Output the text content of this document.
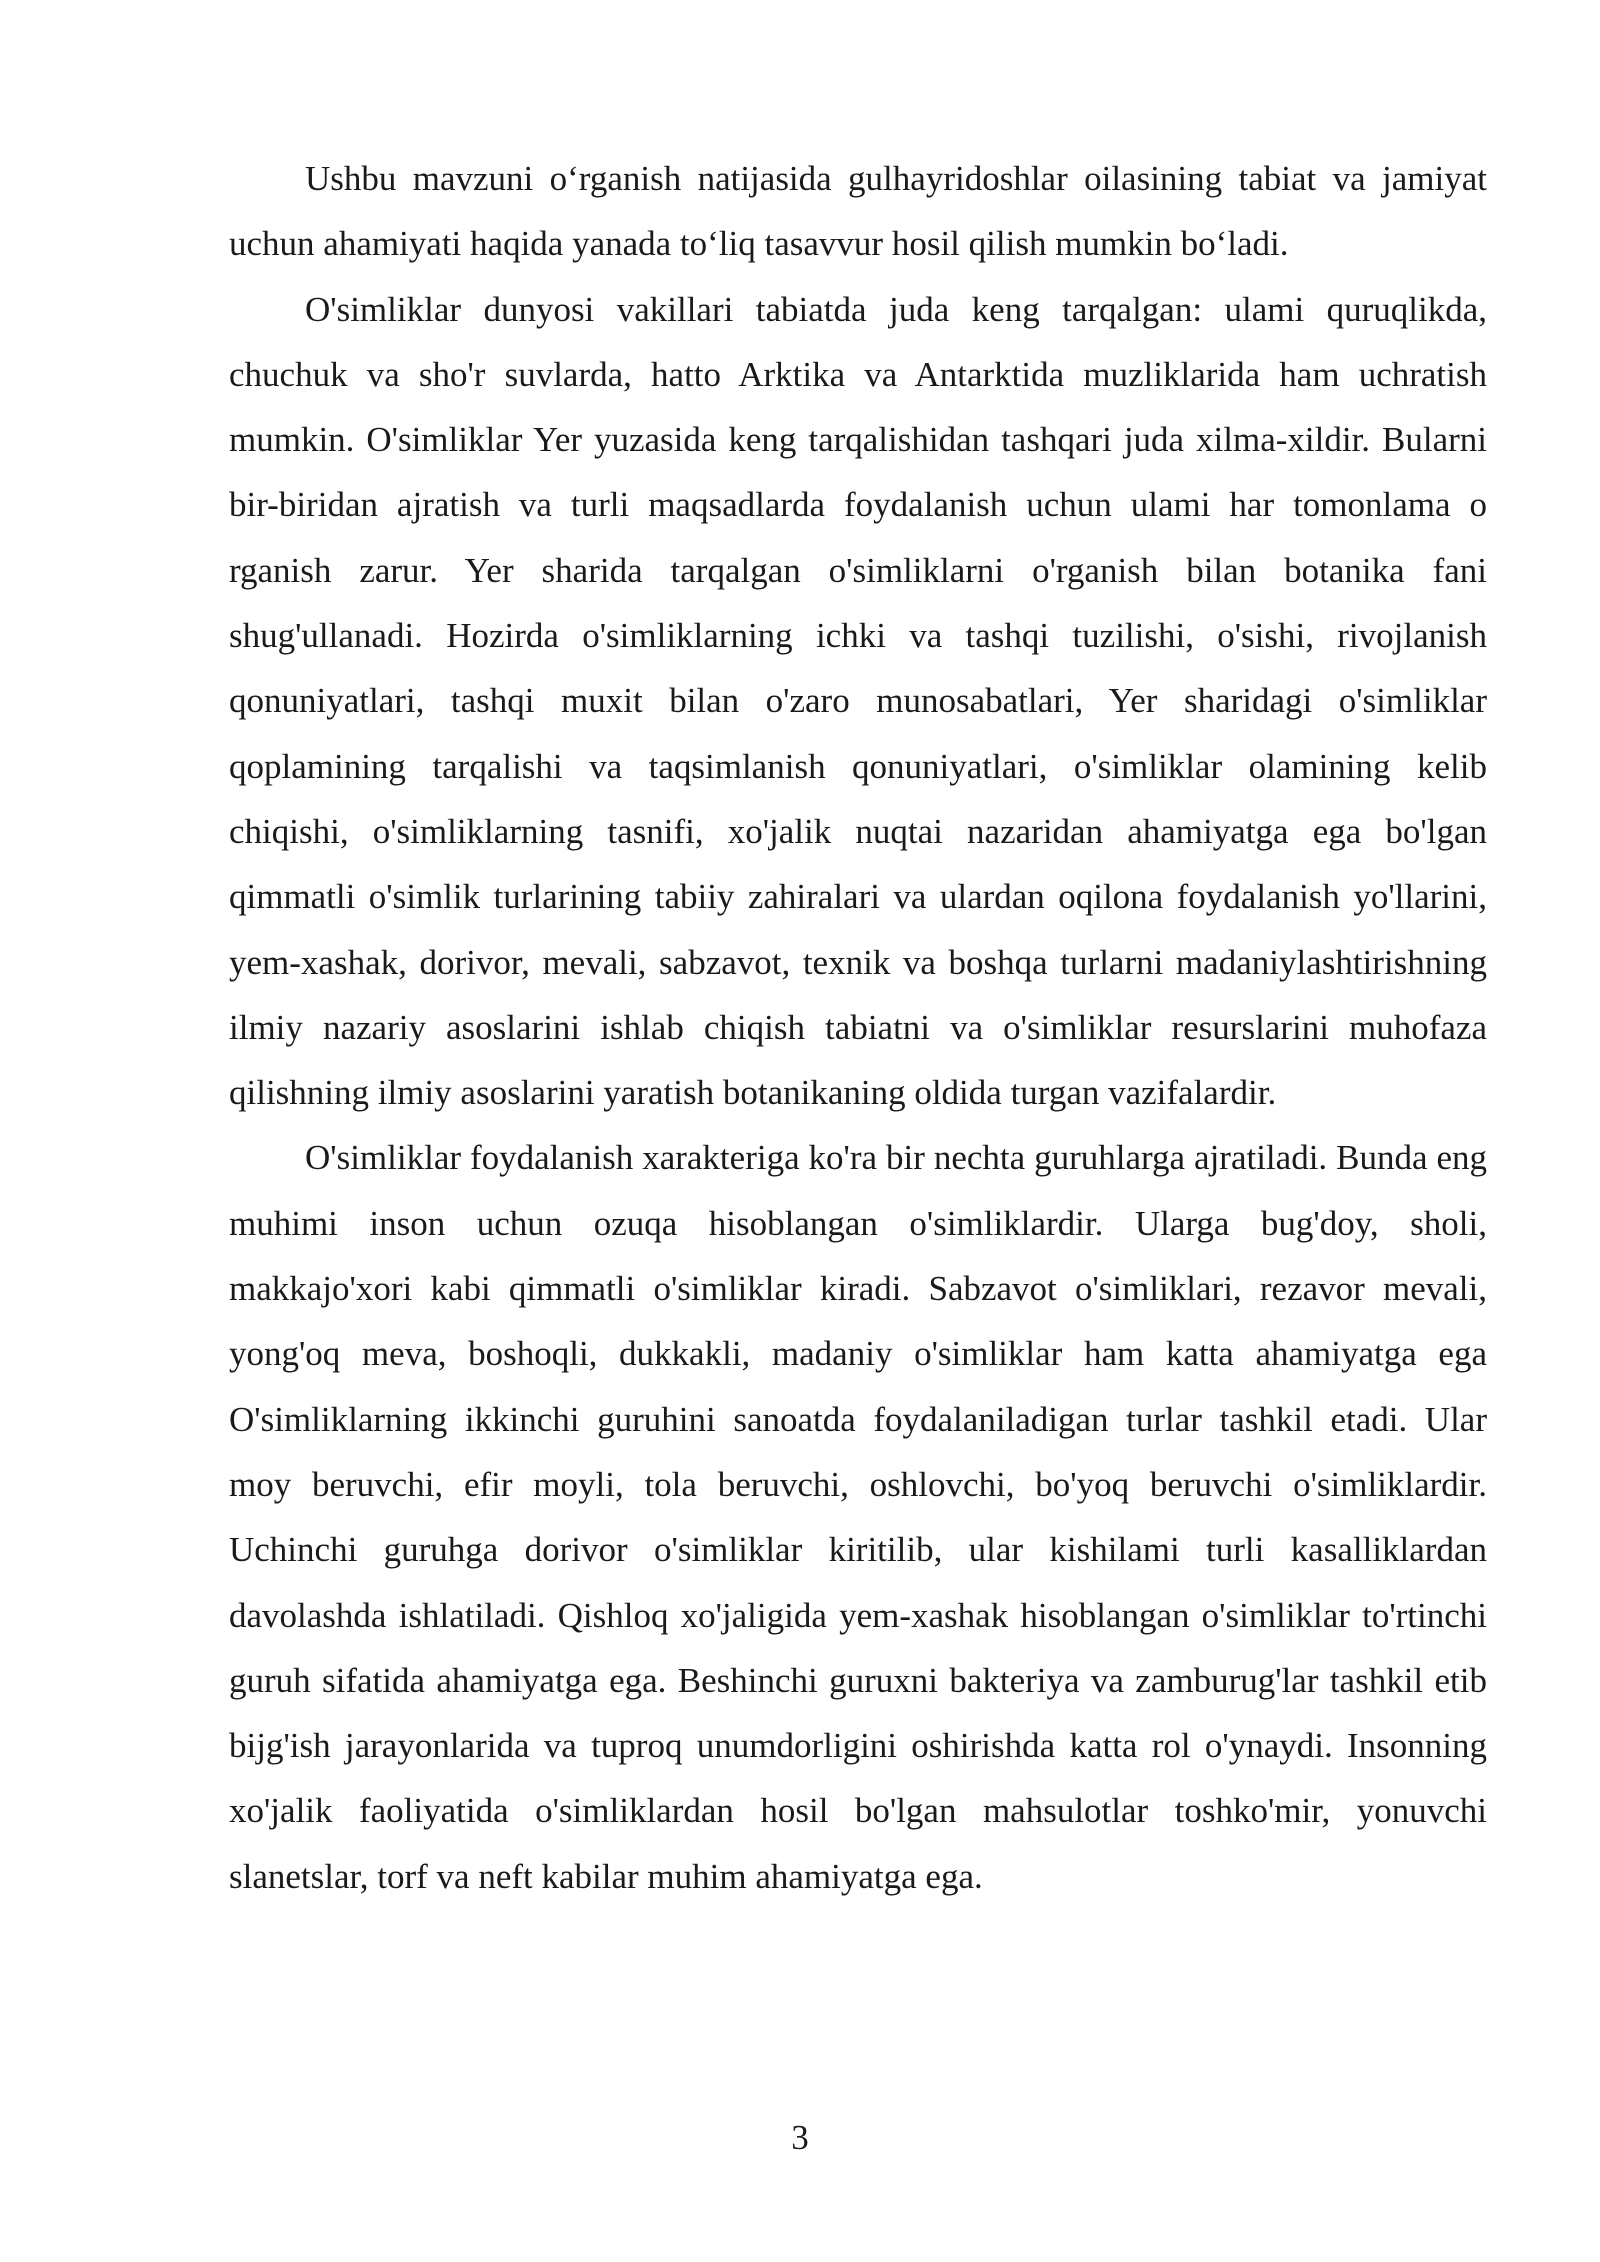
Ushbu mavzuni o‘rganish natijasida gulhayridoshlar oilasining tabiat va jamiyat uchun ahamiyati haqida yanada to‘liq tasavvur hosil qilish mumkin bo‘ladi.

O'simliklar dunyosi vakillari tabiatda juda keng tarqalgan: ulami quruqlikda, chuchuk va sho'r suvlarda, hatto Arktika va Antarktida muzliklarida ham uchratish mumkin. O'simliklar Yer yuzasida keng tarqalishidan tashqari juda xilma-xildir. Bularni bir-biridan ajratish va turli maqsadlarda foydalanish uchun ulami har tomonlama o rganish zarur. Yer sharida tarqalgan o'simliklarni o'rganish bilan botanika fani shug'ullanadi. Hozirda o'simliklarning ichki va tashqi tuzilishi, o'sishi, rivojlanish qonuniyatlari, tashqi muxit bilan o'zaro munosabatlari, Yer sharidagi o'simliklar qoplamining tarqalishi va taqsimlanish qonuniyatlari, o'simliklar olamining kelib chiqishi, o'simliklarning tasnifi, xo'jalik nuqtai nazaridan ahamiyatga ega bo'lgan qimmatli o'simlik turlarining tabiiy zahiralari va ulardan oqilona foydalanish yo'llarini, yem-xashak, dorivor, mevali, sabzavot, texnik va boshqa turlarni madaniylashtirishning ilmiy nazariy asoslarini ishlab chiqish tabiatni va o'simliklar resurslarini muhofaza qilishning ilmiy asoslarini yaratish botanikaning oldida turgan vazifalardir.

O'simliklar foydalanish xarakteriga ko'ra bir nechta guruhlarga ajratiladi. Bunda eng muhimi inson uchun ozuqa hisoblangan o'simliklardir. Ularga bug'doy, sholi, makkajo'xori kabi qimmatli o'simliklar kiradi. Sabzavot o'simliklari, rezavor mevali, yong'oq meva, boshoqli, dukkakli, madaniy o'simliklar ham katta ahamiyatga ega O'simliklarning ikkinchi guruhini sanoatda foydalaniladigan turlar tashkil etadi. Ular moy beruvchi, efir moyli, tola beruvchi, oshlovchi, bo'yoq beruvchi o'simliklardir. Uchinchi guruhga dorivor o'simliklar kiritilib, ular kishilami turli kasalliklardan davolashda ishlatiladi. Qishloq xo'jaligida yem-xashak hisoblangan o'simliklar to'rtinchi guruh sifatida ahamiyatga ega. Beshinchi guruxni bakteriya va zamburug'lar tashkil etib bijg'ish jarayonlarida va tuproq unumdorligini oshirishda katta rol o'ynaydi. Insonning xo'jalik faoliyatida o'simliklardan hosil bo'lgan mahsulotlar toshko'mir, yonuvchi slanetslar, torf va neft kabilar muhim ahamiyatga ega.

3
